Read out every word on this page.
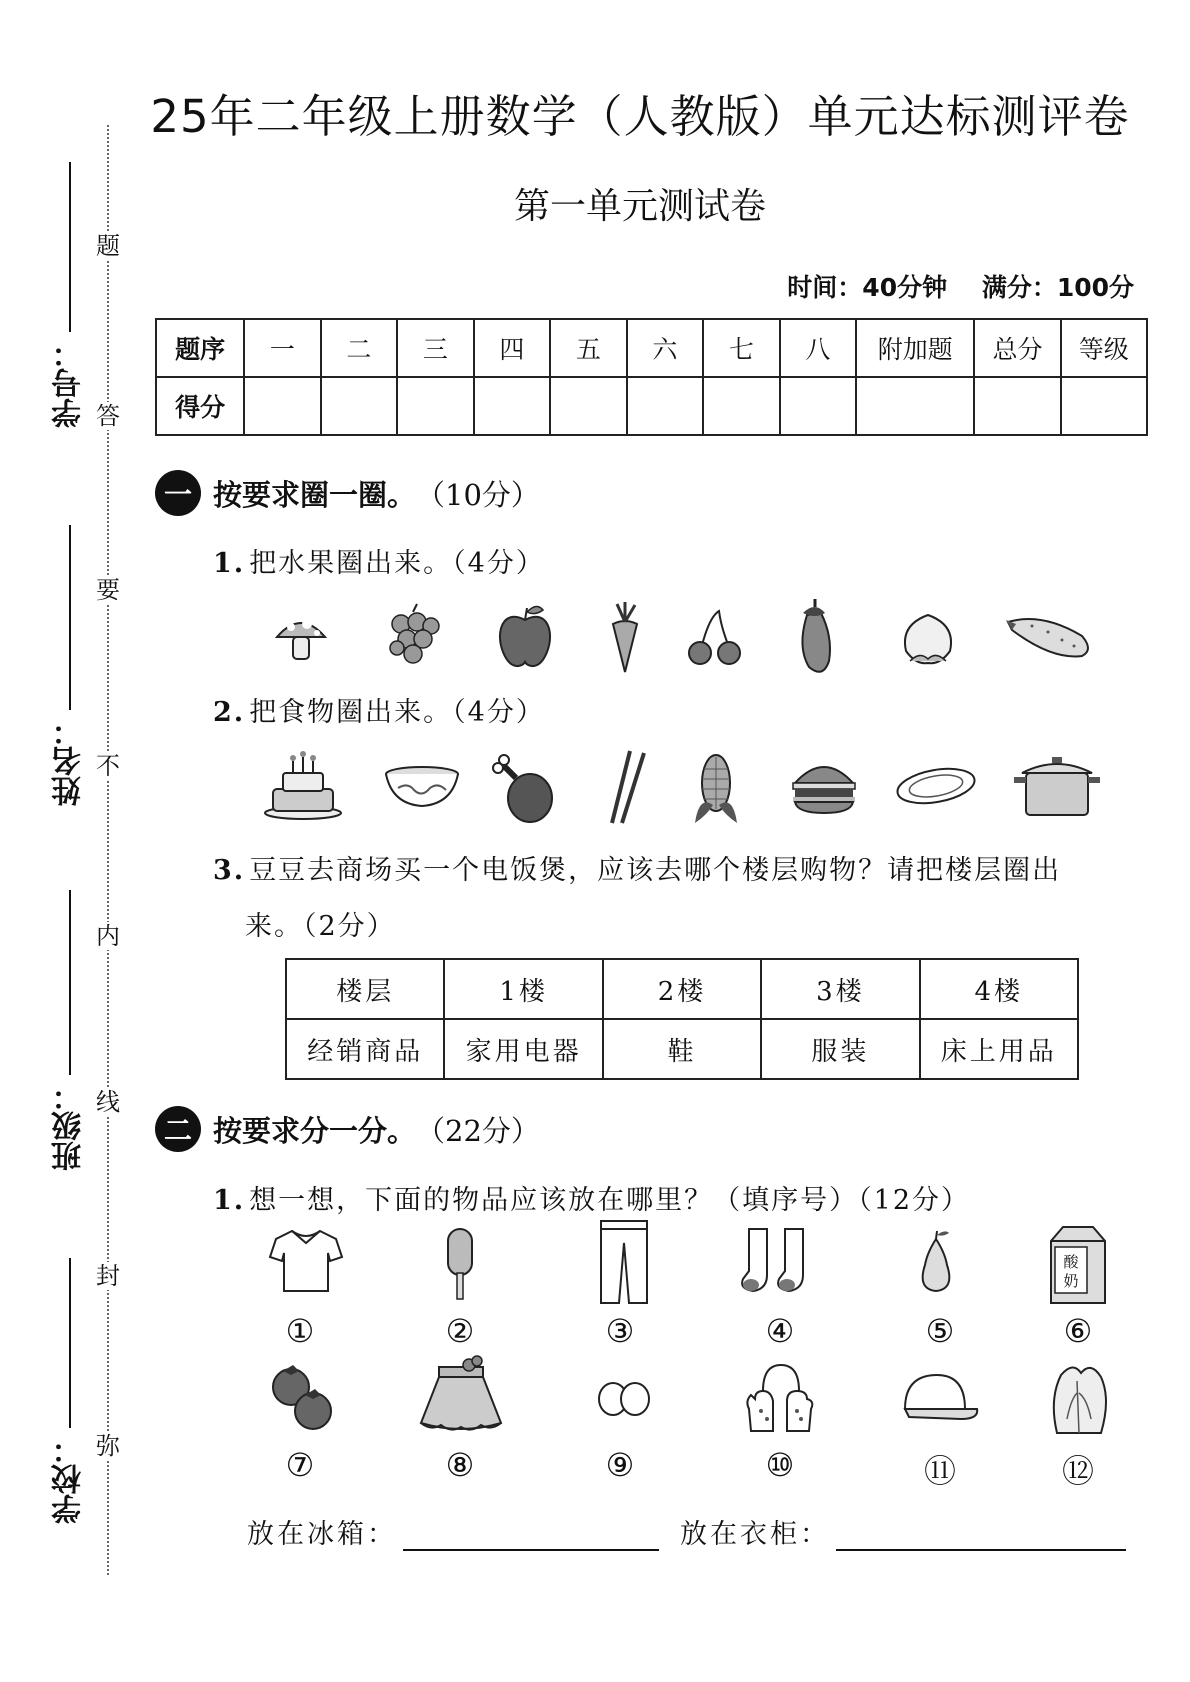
题
答
要
不
内
线
封
弥
学号：
姓名：
班级：
学校：
25年二年级上册数学（人教版）单元达标测评卷
第一单元测试卷
时间：40分钟 满分：100分
题序	一	二	三	四	五	六	七	八	附加题	总分	等级
得分											
一 按要求圈一圈。 （10分）
1. 把水果圈出来。（4分）
2. 把食物圈出来。（4分）
3. 豆豆去商场买一个电饭煲，应该去哪个楼层购物？请把楼层圈出
来。（2分）
楼层	1楼	2楼	3楼	4楼
经销商品	家用电器	鞋	服装	床上用品
二 按要求分一分。 （22分）
1. 想一想，下面的物品应该放在哪里？（填序号）（12分）
酸
奶
①	②	③	④	⑤	⑥
⑦	⑧	⑨	⑩	⑪	⑫
放在冰箱：	放在衣柜：
